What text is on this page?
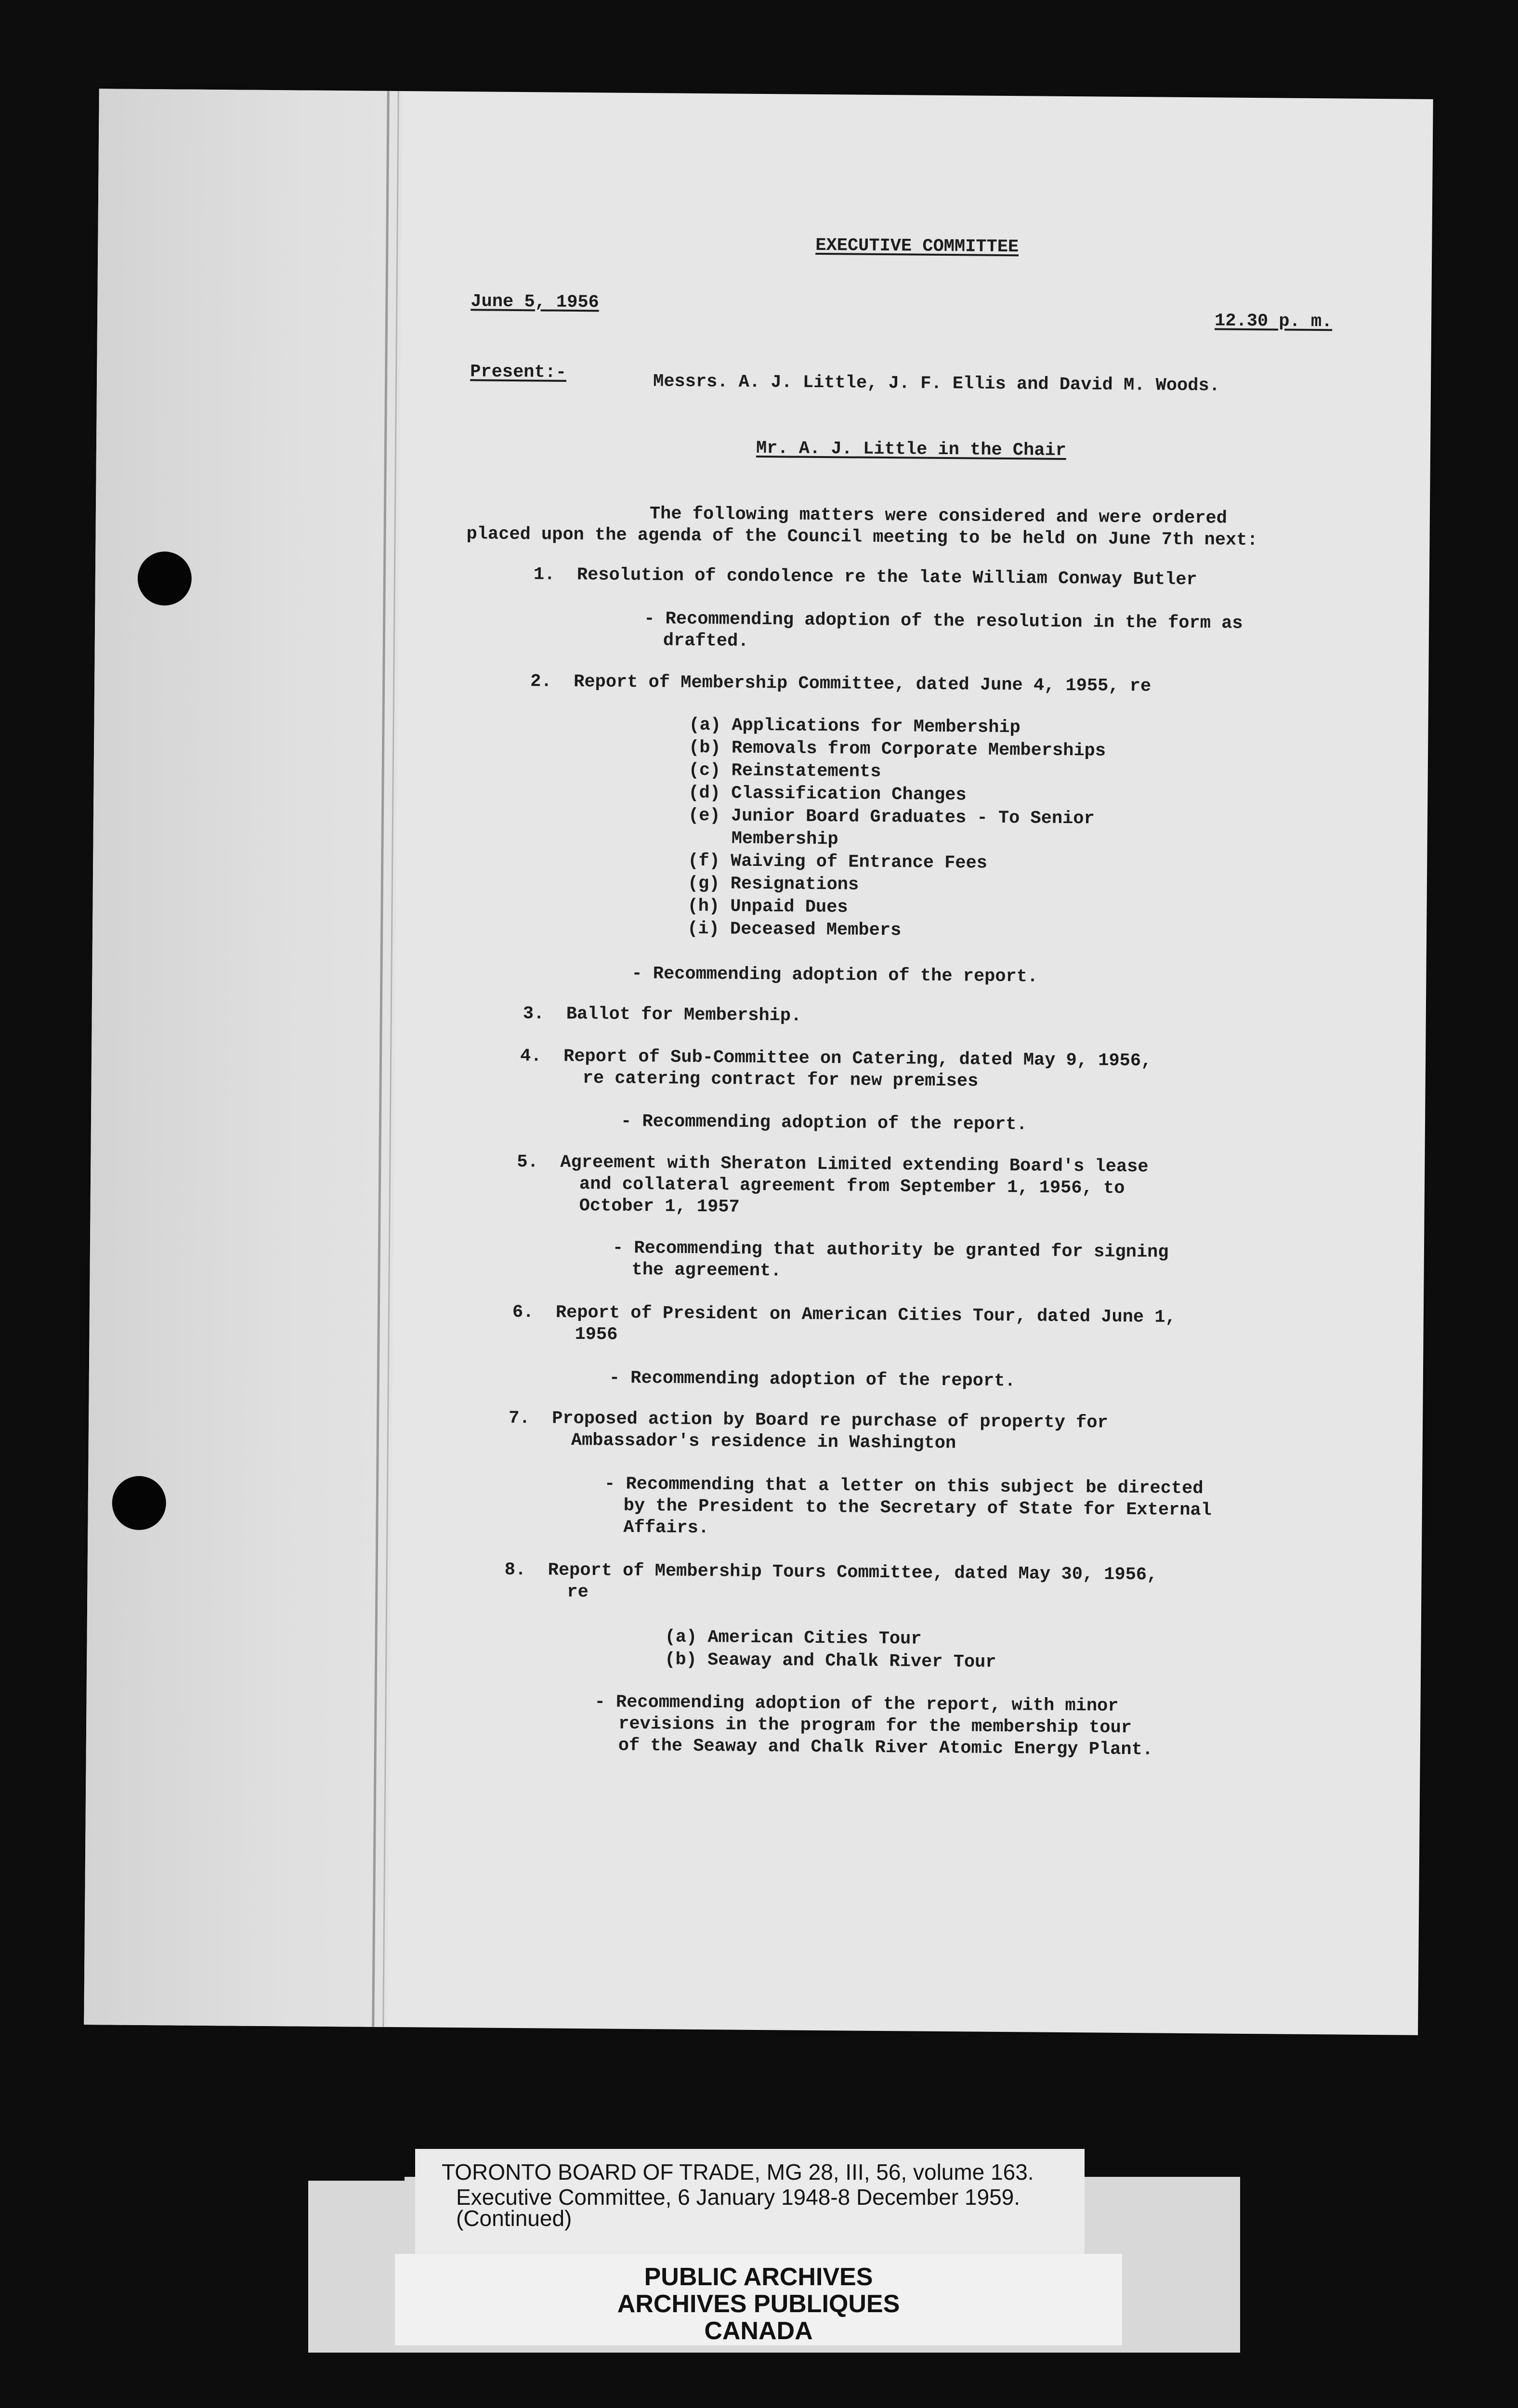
EXECUTIVE COMMITTEE
June 5, 1956
12.30 p. m.
Present:-	Messrs. A. J. Little, J. F. Ellis and David M. Woods.
Mr. A. J. Little in the Chair
The following matters were considered and were ordered
placed upon the agenda of the Council meeting to be held on June 7th next:
1. Resolution of condolence re the late William Conway Butler
- Recommending adoption of the resolution in the form as
drafted.
2. Report of Membership Committee, dated June 4, 1955, re
(a) Applications for Membership
(b) Removals from Corporate Memberships
(c) Reinstatements
(d) Classification Changes
(e) Junior Board Graduates - To Senior
Membership
(f) Waiving of Entrance Fees
(g) Resignations
(h) Unpaid Dues
(i) Deceased Members
- Recommending adoption of the report.
3. Ballot for Membership.
4. Report of Sub-Committee on Catering, dated May 9, 1956,
re catering contract for new premises
- Recommending adoption of the report.
5. Agreement with Sheraton Limited extending Board's lease
and collateral agreement from September 1, 1956, to
October 1, 1957
- Recommending that authority be granted for signing
the agreement.
6. Report of President on American Cities Tour, dated June 1,
1956
- Recommending adoption of the report.
7. Proposed action by Board re purchase of property for
Ambassador's residence in Washington
- Recommending that a letter on this subject be directed
by the President to the Secretary of State for External
Affairs.
8. Report of Membership Tours Committee, dated May 30, 1956,
re
(a) American Cities Tour
(b) Seaway and Chalk River Tour
- Recommending adoption of the report, with minor
revisions in the program for the membership tour
of the Seaway and Chalk River Atomic Energy Plant.
TORONTO BOARD OF TRADE, MG 28, III, 56, volume 163.
Executive Committee, 6 January 1948-8 December 1959.
(Continued)
PUBLIC ARCHIVES
ARCHIVES PUBLIQUES
CANADA
